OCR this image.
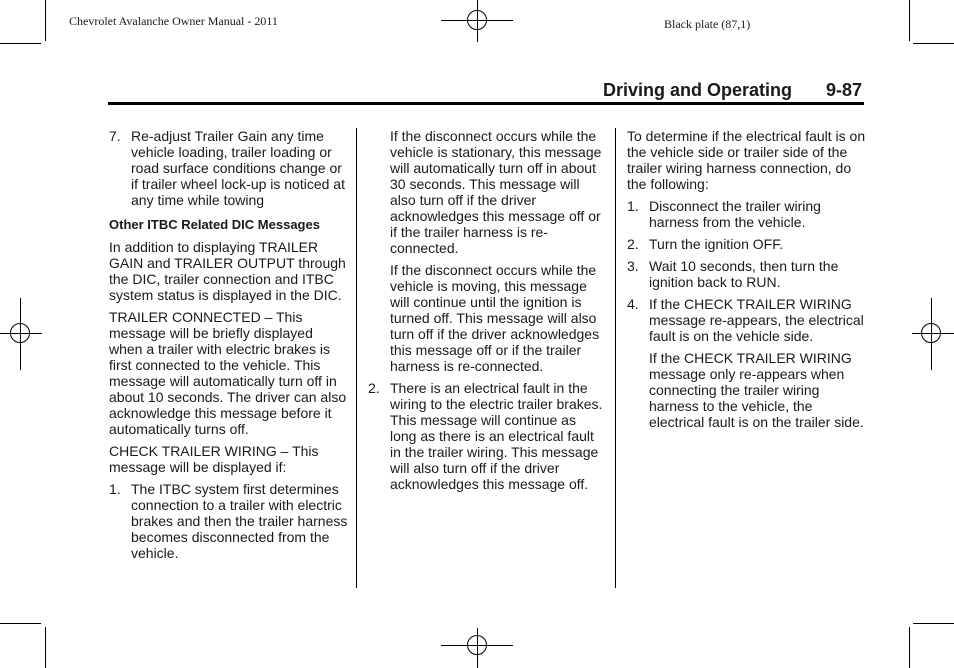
Chevrolet Avalanche Owner Manual - 2011	Black plate (87,1)
Driving and Operating 9-87
7. Re-adjust Trailer Gain any time vehicle loading, trailer loading or road surface conditions change or if trailer wheel lock-up is noticed at any time while towing
Other ITBC Related DIC Messages
In addition to displaying TRAILER GAIN and TRAILER OUTPUT through the DIC, trailer connection and ITBC system status is displayed in the DIC.
TRAILER CONNECTED – This message will be briefly displayed when a trailer with electric brakes is first connected to the vehicle. This message will automatically turn off in about 10 seconds. The driver can also acknowledge this message before it automatically turns off.
CHECK TRAILER WIRING – This message will be displayed if:
1. The ITBC system first determines connection to a trailer with electric brakes and then the trailer harness becomes disconnected from the vehicle.
If the disconnect occurs while the vehicle is stationary, this message will automatically turn off in about 30 seconds. This message will also turn off if the driver acknowledges this message off or if the trailer harness is re-connected.
If the disconnect occurs while the vehicle is moving, this message will continue until the ignition is turned off. This message will also turn off if the driver acknowledges this message off or if the trailer harness is re-connected.
2. There is an electrical fault in the wiring to the electric trailer brakes. This message will continue as long as there is an electrical fault in the trailer wiring. This message will also turn off if the driver acknowledges this message off.
To determine if the electrical fault is on the vehicle side or trailer side of the trailer wiring harness connection, do the following:
1. Disconnect the trailer wiring harness from the vehicle.
2. Turn the ignition OFF.
3. Wait 10 seconds, then turn the ignition back to RUN.
4. If the CHECK TRAILER WIRING message re-appears, the electrical fault is on the vehicle side.
If the CHECK TRAILER WIRING message only re-appears when connecting the trailer wiring harness to the vehicle, the electrical fault is on the trailer side.
